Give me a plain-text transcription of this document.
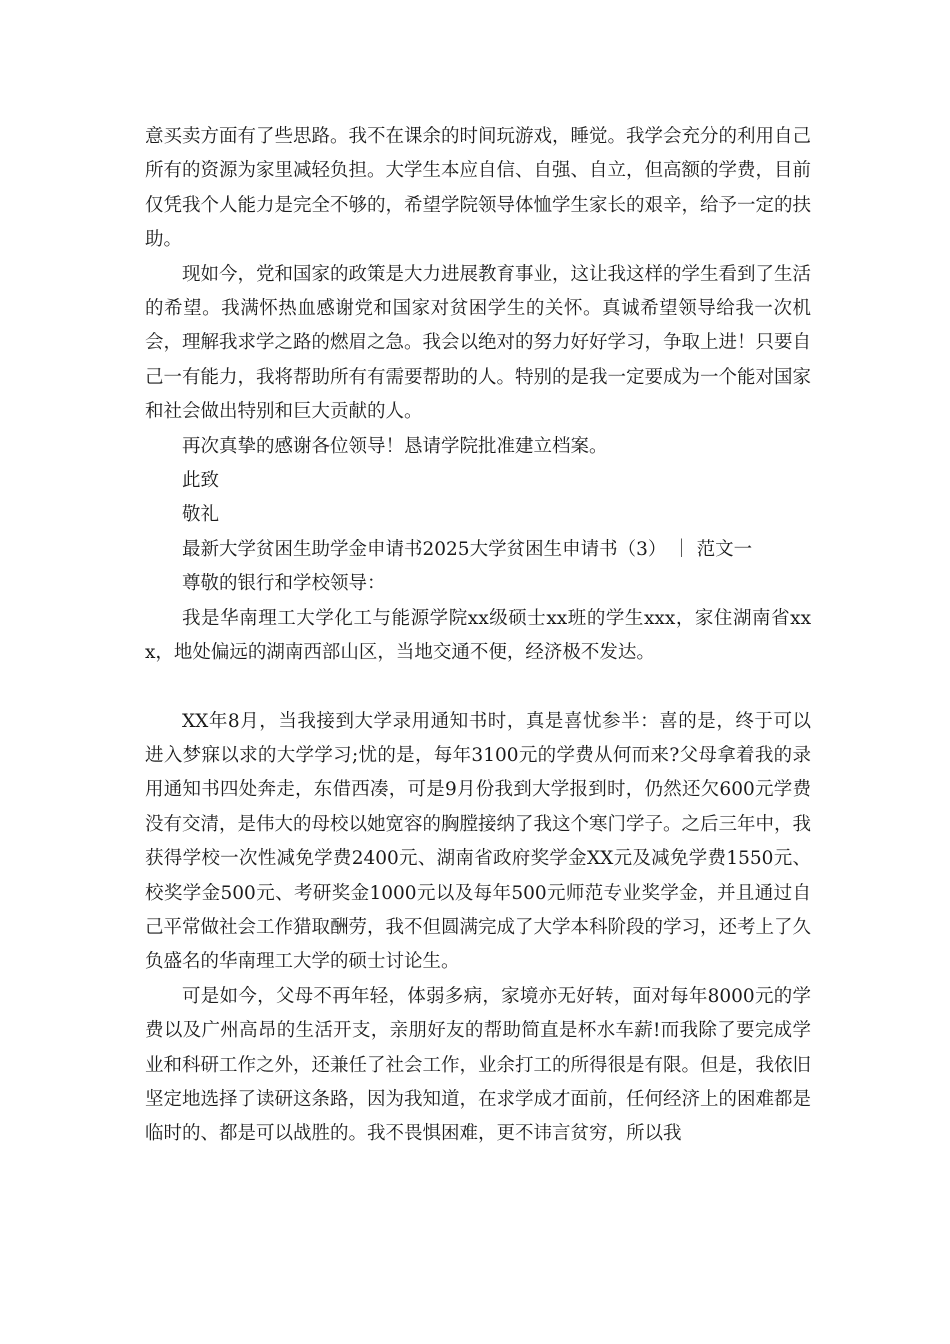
意买卖方面有了些思路。我不在课余的时间玩游戏，睡觉。我学会充分的利用自己所有的资源为家里减轻负担。大学生本应自信、自强、自立，但高额的学费，目前仅凭我个人能力是完全不够的，希望学院领导体恤学生家长的艰辛，给予一定的扶助。

现如今，党和国家的政策是大力进展教育事业，这让我这样的学生看到了生活的希望。我满怀热血感谢党和国家对贫困学生的关怀。真诚希望领导给我一次机会，理解我求学之路的燃眉之急。我会以绝对的努力好好学习，争取上进！只要自己一有能力，我将帮助所有有需要帮助的人。特别的是我一定要成为一个能对国家和社会做出特别和巨大贡献的人。

再次真挚的感谢各位领导！恳请学院批准建立档案。

此致

敬礼

最新大学贫困生助学金申请书2025大学贫困生申请书（3） ｜ 范文一

尊敬的银行和学校领导：

我是华南理工大学化工与能源学院xx级硕士xx班的学生xxx，家住湖南省xxx，地处偏远的湖南西部山区，当地交通不便，经济极不发达。

XX年8月，当我接到大学录用通知书时，真是喜忧参半：喜的是，终于可以进入梦寐以求的大学学习;忧的是，每年3100元的学费从何而来?父母拿着我的录用通知书四处奔走，东借西凑，可是9月份我到大学报到时，仍然还欠600元学费没有交清，是伟大的母校以她宽容的胸膛接纳了我这个寒门学子。之后三年中，我获得学校一次性减免学费2400元、湖南省政府奖学金XX元及减免学费1550元、校奖学金500元、考研奖金1000元以及每年500元师范专业奖学金，并且通过自己平常做社会工作猎取酬劳，我不但圆满完成了大学本科阶段的学习，还考上了久负盛名的华南理工大学的硕士讨论生。

可是如今，父母不再年轻，体弱多病，家境亦无好转，面对每年8000元的学费以及广州高昂的生活开支，亲朋好友的帮助简直是杯水车薪!而我除了要完成学业和科研工作之外，还兼任了社会工作，业余打工的所得很是有限。但是，我依旧坚定地选择了读研这条路，因为我知道，在求学成才面前，任何经济上的困难都是临时的、都是可以战胜的。我不畏惧困难，更不讳言贫穷，所以我
